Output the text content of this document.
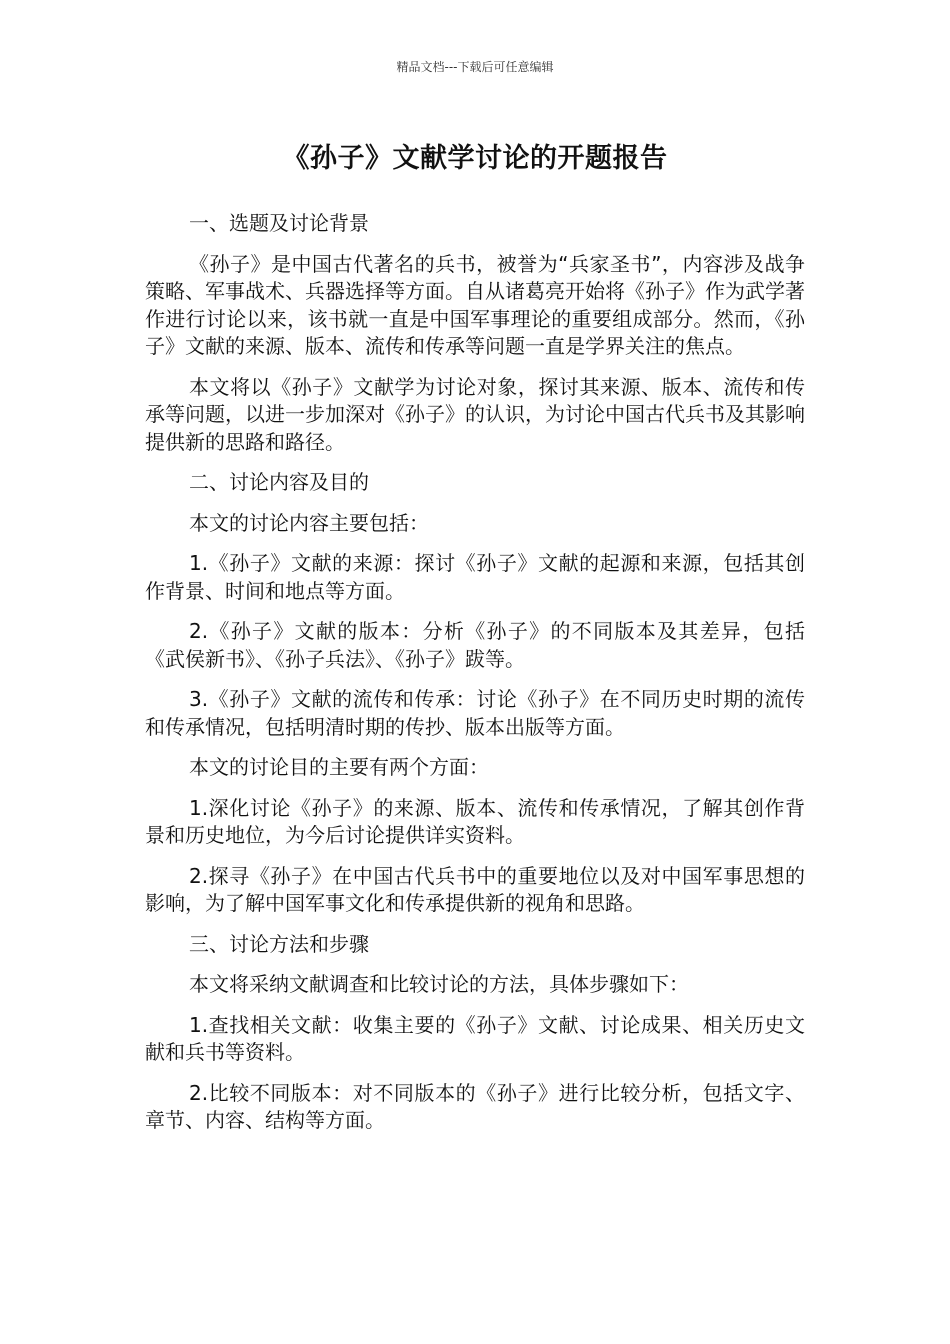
精品文档---下载后可任意编辑
《孙子》文献学讨论的开题报告

一、选题及讨论背景

《孙子》是中国古代著名的兵书，被誉为“兵家圣书”，内容涉及战争策略、军事战术、兵器选择等方面。自从诸葛亮开始将《孙子》作为武学著作进行讨论以来，该书就一直是中国军事理论的重要组成部分。然而，《孙子》文献的来源、版本、流传和传承等问题一直是学界关注的焦点。

本文将以《孙子》文献学为讨论对象，探讨其来源、版本、流传和传承等问题，以进一步加深对《孙子》的认识，为讨论中国古代兵书及其影响提供新的思路和路径。

二、讨论内容及目的

本文的讨论内容主要包括：

1.《孙子》文献的来源：探讨《孙子》文献的起源和来源，包括其创作背景、时间和地点等方面。

2.《孙子》文献的版本：分析《孙子》的不同版本及其差异，包括《武侯新书》、《孙子兵法》、《孙子》跋等。

3.《孙子》文献的流传和传承：讨论《孙子》在不同历史时期的流传和传承情况，包括明清时期的传抄、版本出版等方面。

本文的讨论目的主要有两个方面：

1.深化讨论《孙子》的来源、版本、流传和传承情况，了解其创作背景和历史地位，为今后讨论提供详实资料。

2.探寻《孙子》在中国古代兵书中的重要地位以及对中国军事思想的影响，为了解中国军事文化和传承提供新的视角和思路。

三、讨论方法和步骤

本文将采纳文献调查和比较讨论的方法，具体步骤如下：

1.查找相关文献：收集主要的《孙子》文献、讨论成果、相关历史文献和兵书等资料。

2.比较不同版本：对不同版本的《孙子》进行比较分析，包括文字、章节、内容、结构等方面。
